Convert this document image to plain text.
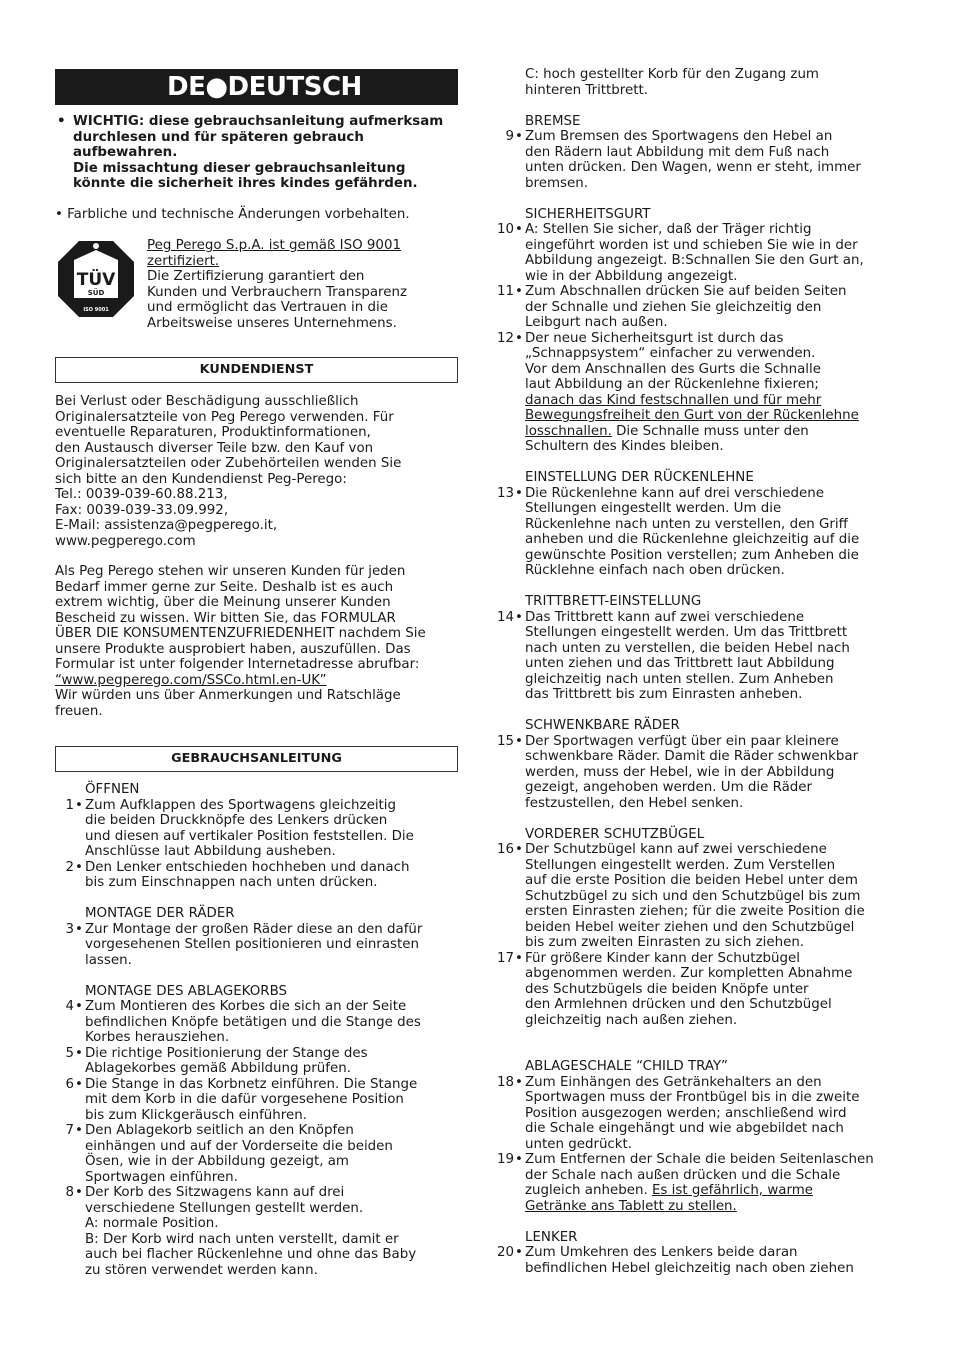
DE●DEUTSCH
• WICHTIG: diese gebrauchsanleitung aufmerksam
durchlesen und für späteren gebrauch
aufbewahren.
Die missachtung dieser gebrauchsanleitung
könnte die sicherheit ihres kindes gefährden.
• Farbliche und technische Änderungen vorbehalten.
TÜV
SÜD
ISO 9001
Peg Perego S.p.A. ist gemäß ISO 9001
zertifiziert.
Die Zertifizierung garantiert den
Kunden und Verbrauchern Transparenz
und ermöglicht das Vertrauen in die
Arbeitsweise unseres Unternehmens.
KUNDENDIENST
Bei Verlust oder Beschädigung ausschließlich
Originalersatzteile von Peg Perego verwenden. Für
eventuelle Reparaturen, Produktinformationen,
den Austausch diverser Teile bzw. den Kauf von
Originalersatzteilen oder Zubehörteilen wenden Sie
sich bitte an den Kundendienst Peg-Perego:
Tel.: 0039-039-60.88.213,
Fax: 0039-039-33.09.992,
E-Mail: assistenza@pegperego.it,
www.pegperego.com
Als Peg Perego stehen wir unseren Kunden für jeden
Bedarf immer gerne zur Seite. Deshalb ist es auch
extrem wichtig, über die Meinung unserer Kunden
Bescheid zu wissen. Wir bitten Sie, das FORMULAR
ÜBER DIE KONSUMENTENZUFRIEDENHEIT nachdem Sie
unsere Produkte ausprobiert haben, auszufüllen. Das
Formular ist unter folgender Internetadresse abrufbar:
“www.pegperego.com/SSCo.html.en-UK”
Wir würden uns über Anmerkungen und Ratschläge
freuen.
GEBRAUCHSANLEITUNG
ÖFFNEN
1• Zum Aufklappen des Sportwagens gleichzeitig
die beiden Druckknöpfe des Lenkers drücken
und diesen auf vertikaler Position feststellen. Die
Anschlüsse laut Abbildung ausheben.
2• Den Lenker entschieden hochheben und danach
bis zum Einschnappen nach unten drücken.
MONTAGE DER RÄDER
3• Zur Montage der großen Räder diese an den dafür
vorgesehenen Stellen positionieren und einrasten
lassen.
MONTAGE DES ABLAGEKORBS
4• Zum Montieren des Korbes die sich an der Seite
befindlichen Knöpfe betätigen und die Stange des
Korbes herausziehen.
5• Die richtige Positionierung der Stange des
Ablagekorbes gemäß Abbildung prüfen.
6• Die Stange in das Korbnetz einführen. Die Stange
mit dem Korb in die dafür vorgesehene Position
bis zum Klickgeräusch einführen.
7• Den Ablagekorb seitlich an den Knöpfen
einhängen und auf der Vorderseite die beiden
Ösen, wie in der Abbildung gezeigt, am
Sportwagen einführen.
8• Der Korb des Sitzwagens kann auf drei
verschiedene Stellungen gestellt werden.
A: normale Position.
B: Der Korb wird nach unten verstellt, damit er
auch bei flacher Rückenlehne und ohne das Baby
zu stören verwendet werden kann.
C: hoch gestellter Korb für den Zugang zum
hinteren Trittbrett.
BREMSE
9• Zum Bremsen des Sportwagens den Hebel an
den Rädern laut Abbildung mit dem Fuß nach
unten drücken. Den Wagen, wenn er steht, immer
bremsen.
SICHERHEITSGURT
10• A: Stellen Sie sicher, daß der Träger richtig
eingeführt worden ist und schieben Sie wie in der
Abbildung angezeigt. B:Schnallen Sie den Gurt an,
wie in der Abbildung angezeigt.
11• Zum Abschnallen drücken Sie auf beiden Seiten
der Schnalle und ziehen Sie gleichzeitig den
Leibgurt nach außen.
12• Der neue Sicherheitsgurt ist durch das
„Schnappsystem“ einfacher zu verwenden.
Vor dem Anschnallen des Gurts die Schnalle
laut Abbildung an der Rückenlehne fixieren;
danach das Kind festschnallen und für mehr
Bewegungsfreiheit den Gurt von der Rückenlehne
losschnallen. Die Schnalle muss unter den
Schultern des Kindes bleiben.
EINSTELLUNG DER RÜCKENLEHNE
13• Die Rückenlehne kann auf drei verschiedene
Stellungen eingestellt werden. Um die
Rückenlehne nach unten zu verstellen, den Griff
anheben und die Rückenlehne gleichzeitig auf die
gewünschte Position verstellen; zum Anheben die
Rücklehne einfach nach oben drücken.
TRITTBRETT-EINSTELLUNG
14• Das Trittbrett kann auf zwei verschiedene
Stellungen eingestellt werden. Um das Trittbrett
nach unten zu verstellen, die beiden Hebel nach
unten ziehen und das Trittbrett laut Abbildung
gleichzeitig nach unten stellen. Zum Anheben
das Trittbrett bis zum Einrasten anheben.
SCHWENKBARE RÄDER
15• Der Sportwagen verfügt über ein paar kleinere
schwenkbare Räder. Damit die Räder schwenkbar
werden, muss der Hebel, wie in der Abbildung
gezeigt, angehoben werden. Um die Räder
festzustellen, den Hebel senken.
VORDERER SCHUTZBÜGEL
16• Der Schutzbügel kann auf zwei verschiedene
Stellungen eingestellt werden. Zum Verstellen
auf die erste Position die beiden Hebel unter dem
Schutzbügel zu sich und den Schutzbügel bis zum
ersten Einrasten ziehen; für die zweite Position die
beiden Hebel weiter ziehen und den Schutzbügel
bis zum zweiten Einrasten zu sich ziehen.
17• Für größere Kinder kann der Schutzbügel
abgenommen werden. Zur kompletten Abnahme
des Schutzbügels die beiden Knöpfe unter
den Armlehnen drücken und den Schutzbügel
gleichzeitig nach außen ziehen.
ABLAGESCHALE “CHILD TRAY”
18• Zum Einhängen des Getränkehalters an den
Sportwagen muss der Frontbügel bis in die zweite
Position ausgezogen werden; anschließend wird
die Schale eingehängt und wie abgebildet nach
unten gedrückt.
19• Zum Entfernen der Schale die beiden Seitenlaschen
der Schale nach außen drücken und die Schale
zugleich anheben. Es ist gefährlich, warme
Getränke ans Tablett zu stellen.
LENKER
20• Zum Umkehren des Lenkers beide daran
befindlichen Hebel gleichzeitig nach oben ziehen
